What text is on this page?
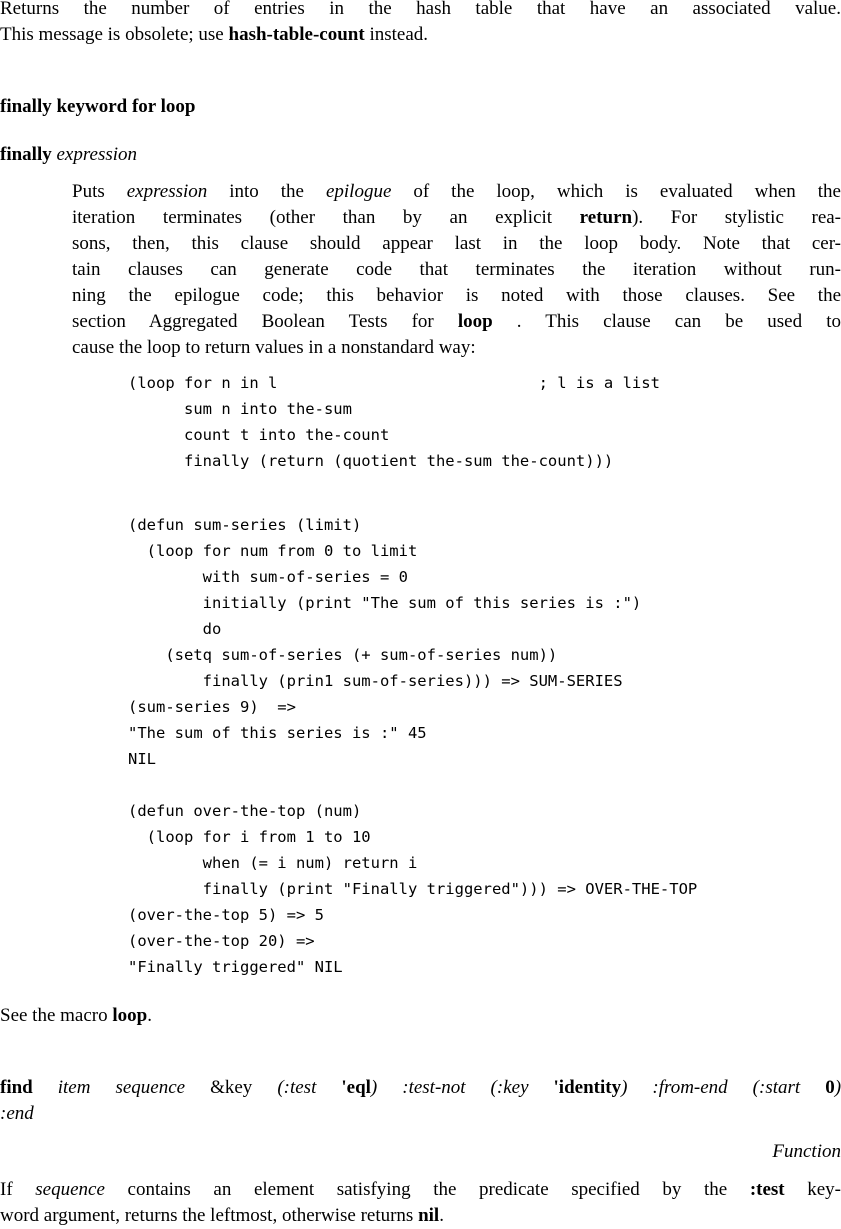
Returns the number of entries in the hash table that have an associated value.
This message is obsolete; use hash-table-count instead.
finally keyword for loop
finally expression
Puts expression into the epilogue of the loop, which is evaluated when the
iteration terminates (other than by an explicit return). For stylistic rea-
sons, then, this clause should appear last in the loop body. Note that cer-
tain clauses can generate code that terminates the iteration without run-
ning the epilogue code; this behavior is noted with those clauses. See the
section Aggregated Boolean Tests for loop . This clause can be used to
cause the loop to return values in a nonstandard way:
(loop for n in l                            ; l is a list
sum n into the-sum
count t into the-count
finally (return (quotient the-sum the-count)))
(defun sum-series (limit)
(loop for num from 0 to limit
with sum-of-series = 0
initially (print "The sum of this series is :")
do
(setq sum-of-series (+ sum-of-series num))
finally (prin1 sum-of-series))) => SUM-SERIES
(sum-series 9)  =>
"The sum of this series is :" 45
NIL
(defun over-the-top (num)
(loop for i from 1 to 10
when (= i num) return i
finally (print "Finally triggered"))) => OVER-THE-TOP
(over-the-top 5) => 5
(over-the-top 20) =>
"Finally triggered" NIL
See the macro loop.
find item sequence &key (:test 'eql) :test-not (:key 'identity) :from-end (:start 0)
:end
Function
If sequence contains an element satisfying the predicate specified by the :test key-
word argument, returns the leftmost, otherwise returns nil.
